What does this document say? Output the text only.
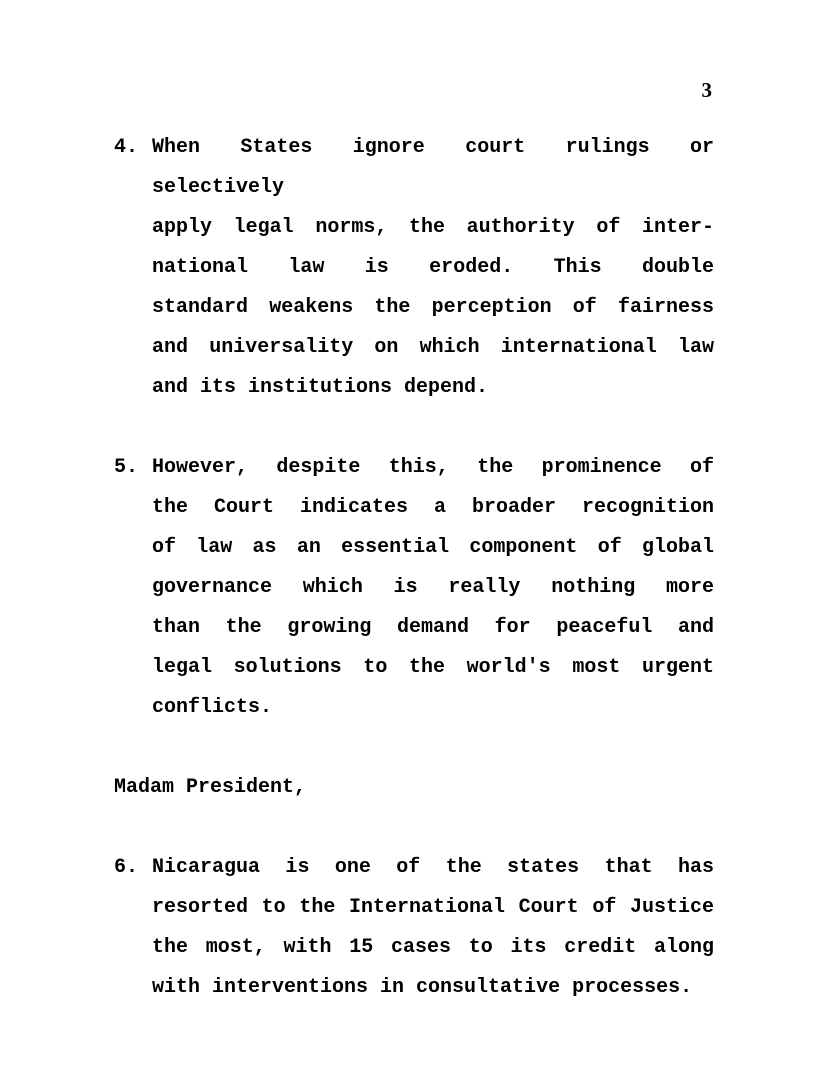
3
4. When States ignore court rulings or selectively
apply legal norms, the authority of inter-
national law is eroded. This double
standard weakens the perception of fairness
and universality on which international law
and its institutions depend.
5. However, despite this, the prominence of
the Court indicates a broader recognition
of law as an essential component of global
governance which is really nothing more
than the growing demand for peaceful and
legal solutions to the world's most urgent
conflicts.
Madam President,
6. Nicaragua is one of the states that has
resorted to the International Court of Justice
the most, with 15 cases to its credit along
with interventions in consultative processes.
